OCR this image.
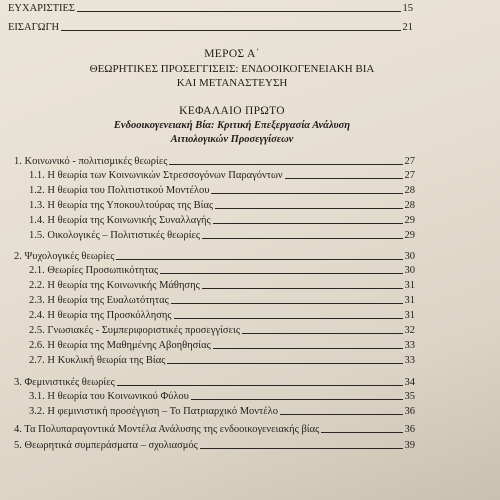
ΕΥΧΑΡΙΣΤΙΕΣ	15
ΕΙΣΑΓΩΓΗ	21
ΜΕΡΟΣ Α΄
ΘΕΩΡΗΤΙΚΕΣ ΠΡΟΣΕΓΓΙΣΕΙΣ: ΕΝΔΟΟΙΚΟΓΕΝΕΙΑΚΗ ΒΙΑ
ΚΑΙ ΜΕΤΑΝΑΣΤΕΥΣΗ
ΚΕΦΑΛΑΙΟ ΠΡΩΤΟ
Ενδοοικογενειακή Βία: Κριτική Επεξεργασία Ανάλυση
Αιτιολογικών Προσεγγίσεων
1. Κοινωνικό - πολιτισμικές θεωρίες	27
1.1. Η θεωρία των Κοινωνικών Στρεσσογόνων Παραγόντων	27
1.2. Η θεωρία του Πολιτιστικού Μοντέλου	28
1.3. Η θεωρία της Υποκουλτούρας της Βίας	28
1.4. Η θεωρία της Κοινωνικής Συναλλαγής	29
1.5. Οικολογικές – Πολιτιστικές θεωρίες	29
2. Ψυχολογικές θεωρίες	30
2.1. Θεωρίες Προσωπικότητας	30
2.2. Η θεωρία της Κοινωνικής Μάθησης	31
2.3. Η θεωρία της Ευαλωτότητας	31
2.4. Η θεωρία της Προσκόλλησης	31
2.5. Γνωσιακές - Συμπεριφοριστικές προσεγγίσεις	32
2.6. Η θεωρία της Μαθημένης Αβοηθησίας	33
2.7. Η Κυκλική θεωρία της Βίας	33
3. Φεμινιστικές θεωρίες	34
3.1. Η θεωρία του Κοινωνικού Φύλου	35
3.2. Η φεμινιστική προσέγγιση – Το Πατριαρχικό Μοντέλο	36
4. Τα Πολυπαραγοντικά Μοντέλα Ανάλυσης της ενδοοικογενειακής βίας	36
5. Θεωρητικά συμπεράσματα – σχολιασμός	39
